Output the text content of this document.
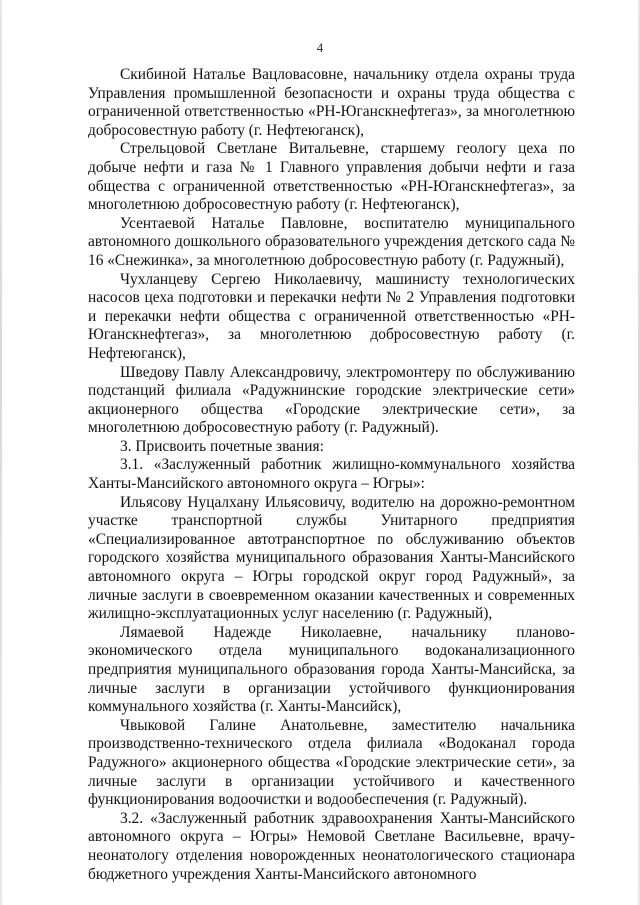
4

Скибиной Наталье Вацловасовне, начальнику отдела охраны труда Управления промышленной безопасности и охраны труда общества с ограниченной ответственностью «РН-Юганскнефтегаз», за многолетнюю добросовестную работу (г. Нефтеюганск),

Стрельцовой Светлане Витальевне, старшему геологу цеха по добыче нефти и газа № 1 Главного управления добычи нефти и газа общества с ограниченной ответственностью «РН-Юганскнефтегаз», за многолетнюю добросовестную работу (г. Нефтеюганск),

Усентаевой Наталье Павловне, воспитателю муниципального автономного дошкольного образовательного учреждения детского сада № 16 «Снежинка», за многолетнюю добросовестную работу (г. Радужный),

Чухланцеву Сергею Николаевичу, машинисту технологических насосов цеха подготовки и перекачки нефти № 2 Управления подготовки и перекачки нефти общества с ограниченной ответственностью «РН-Юганскнефтегаз», за многолетнюю добросовестную работу (г. Нефтеюганск),

Шведову Павлу Александровичу, электромонтеру по обслуживанию подстанций филиала «Радужнинские городские электрические сети» акционерного общества «Городские электрические сети», за многолетнюю добросовестную работу (г. Радужный).

3. Присвоить почетные звания:

3.1. «Заслуженный работник жилищно-коммунального хозяйства Ханты-Мансийского автономного округа – Югры»:

Ильясову Нуцалхану Ильясовичу, водителю на дорожно-ремонтном участке транспортной службы Унитарного предприятия «Специализированное автотранспортное по обслуживанию объектов городского хозяйства муниципального образования Ханты-Мансийского автономного округа – Югры городской округ город Радужный», за личные заслуги в своевременном оказании качественных и современных жилищно-эксплуатационных услуг населению (г. Радужный),

Лямаевой Надежде Николаевне, начальнику планово-экономического отдела муниципального водоканализационного предприятия муниципального образования города Ханты-Мансийска, за личные заслуги в организации устойчивого функционирования коммунального хозяйства (г. Ханты-Мансийск),

Чвыковой Галине Анатольевне, заместителю начальника производственно-технического отдела филиала «Водоканал города Радужного» акционерного общества «Городские электрические сети», за личные заслуги в организации устойчивого и качественного функционирования водоочистки и водообеспечения (г. Радужный).

3.2. «Заслуженный работник здравоохранения Ханты-Мансийского автономного округа – Югры» Немовой Светлане Васильевне, врачу-неонатологу отделения новорожденных неонатологического стационара бюджетного учреждения Ханты-Мансийского автономного
